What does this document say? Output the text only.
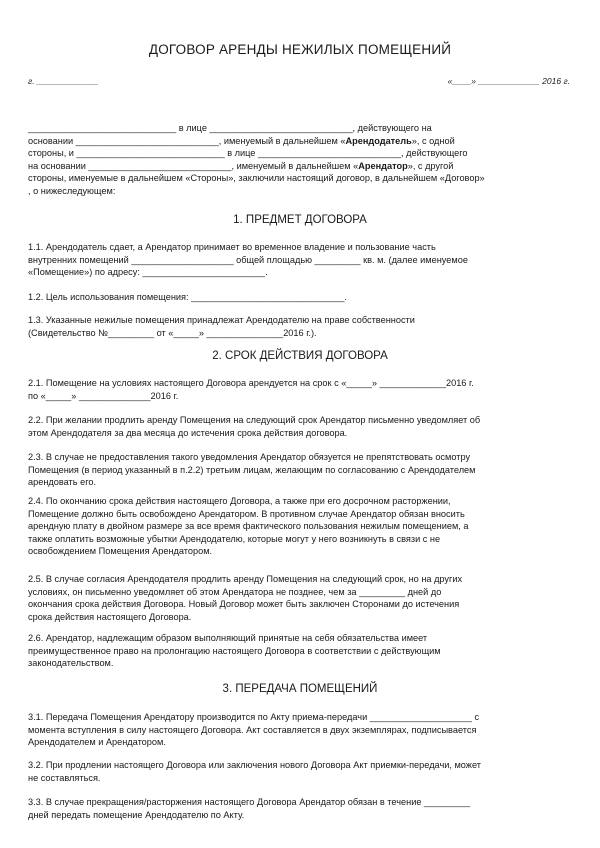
ДОГОВОР АРЕНДЫ НЕЖИЛЫХ ПОМЕЩЕНИЙ
г. _____________	«____» _____________ 2016 г.
_____________________________ в лице ____________________________, действующего на
основании ____________________________, именуемый в дальнейшем «Арендодатель», с одной
стороны, и _____________________________ в лице ____________________________, действующего
на основании ____________________________, именуемый в дальнейшем «Арендатор», с другой
стороны, именуемые в дальнейшем «Стороны», заключили настоящий договор, в дальнейшем «Договор»
, о нижеследующем:
1. ПРЕДМЕТ ДОГОВОРА
1.1. Арендодатель сдает, а Арендатор принимает во временное владение и пользование часть
внутренних помещений ____________________ общей площадью _________ кв. м. (далее именуемое
«Помещение») по адресу: ________________________.
1.2. Цель использования помещения: ______________________________.
1.3. Указанные нежилые помещения принадлежат Арендодателю на праве собственности
(Свидетельство №_________ от «_____» _______________2016 г.).
2. СРОК ДЕЙСТВИЯ ДОГОВОРА
2.1. Помещение на условиях настоящего Договора арендуется на срок с «_____» _____________2016 г.
по «_____» ______________2016 г.
2.2. При желании продлить аренду Помещения на следующий срок Арендатор письменно уведомляет об
этом Арендодателя за два месяца до истечения срока действия договора.
2.3. В случае не предоставления такого уведомления Арендатор обязуется не препятствовать осмотру
Помещения (в период указанный в п.2.2) третьим лицам, желающим по согласованию с Арендодателем
арендовать его.
2.4. По окончанию срока действия настоящего Договора, а также при его досрочном расторжении,
Помещение должно быть освобождено Арендатором. В противном случае Арендатор обязан вносить
арендную плату в двойном размере за все время фактического пользования нежилым помещением, а
также оплатить возможные убытки Арендодателю, которые могут у него возникнуть в связи с не
освобождением Помещения Арендатором.
2.5. В случае согласия Арендодателя продлить аренду Помещения на следующий срок, но на других
условиях, он письменно уведомляет об этом Арендатора не позднее, чем за _________ дней до
окончания срока действия Договора. Новый Договор может быть заключен Сторонами до истечения
срока действия настоящего Договора.
2.6. Арендатор, надлежащим образом выполняющий принятые на себя обязательства имеет
преимущественное право на пролонгацию настоящего Договора в соответствии с действующим
законодательством.
3. ПЕРЕДАЧА ПОМЕЩЕНИЙ
3.1. Передача Помещения Арендатору производится по Акту приема-передачи ____________________ с
момента вступления в силу настоящего Договора. Акт составляется в двух экземплярах, подписывается
Арендодателем и Арендатором.
3.2. При продлении настоящего Договора или заключения нового Договора Акт приемки-передачи, может
не составляться.
3.3. В случае прекращения/расторжения настоящего Договора Арендатор обязан в течение _________
дней передать помещение Арендодателю по Акту.
